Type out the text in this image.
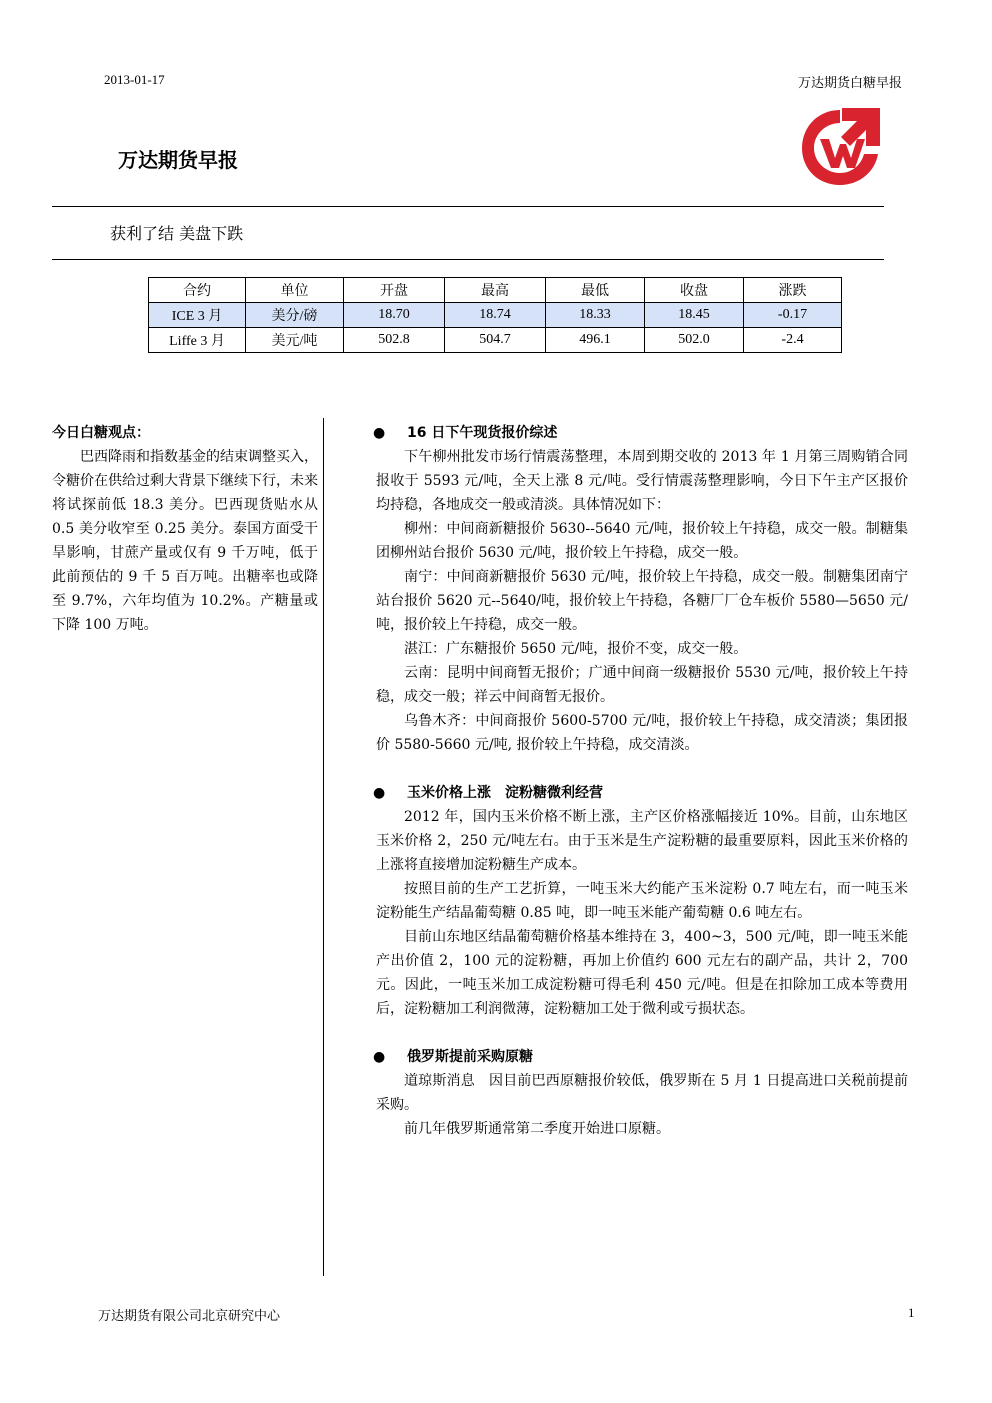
2013-01-17	万达期货白糖早报
万达期货早报
获利了结 美盘下跌
合约	单位	开盘	最高	最低	收盘	涨跌
ICE 3 月	美分/磅	18.70	18.74	18.33	18.45	-0.17
Liffe 3 月	美元/吨	502.8	504.7	496.1	502.0	-2.4
今日白糖观点：

巴西降雨和指数基金的结束调整买入，令糖价在供给过剩大背景下继续下行，未来将试探前低 18.3 美分。巴西现货贴水从 0.5 美分收窄至 0.25 美分。泰国方面受干旱影响，甘蔗产量或仅有 9 千万吨，低于此前预估的 9 千 5 百万吨。出糖率也或降至 9.7%，六年均值为 10.2%。产糖量或下降 100 万吨。

● 16 日下午现货报价综述

下午柳州批发市场行情震荡整理，本周到期交收的 2013 年 1 月第三周购销合同报收于 5593 元/吨，全天上涨 8 元/吨。受行情震荡整理影响，今日下午主产区报价均持稳，各地成交一般或清淡。具体情况如下：

柳州：中间商新糖报价 5630--5640 元/吨，报价较上午持稳，成交一般。制糖集团柳州站台报价 5630 元/吨，报价较上午持稳，成交一般。

南宁：中间商新糖报价 5630 元/吨，报价较上午持稳，成交一般。制糖集团南宁站台报价 5620 元--5640/吨，报价较上午持稳，各糖厂厂仓车板价 5580—5650 元/吨，报价较上午持稳，成交一般。

湛江：广东糖报价 5650 元/吨，报价不变，成交一般。

云南：昆明中间商暂无报价；广通中间商一级糖报价 5530 元/吨，报价较上午持稳，成交一般；祥云中间商暂无报价。

乌鲁木齐：中间商报价 5600-5700 元/吨，报价较上午持稳，成交清淡；集团报价 5580-5660 元/吨, 报价较上午持稳，成交清淡。

● 玉米价格上涨　淀粉糖微利经营

2012 年，国内玉米价格不断上涨，主产区价格涨幅接近 10%。目前，山东地区玉米价格 2，250 元/吨左右。由于玉米是生产淀粉糖的最重要原料，因此玉米价格的上涨将直接增加淀粉糖生产成本。

按照目前的生产工艺折算，一吨玉米大约能产玉米淀粉 0.7 吨左右，而一吨玉米淀粉能生产结晶葡萄糖 0.85 吨，即一吨玉米能产葡萄糖 0.6 吨左右。

目前山东地区结晶葡萄糖价格基本维持在 3，400~3，500 元/吨，即一吨玉米能产出价值 2，100 元的淀粉糖，再加上价值约 600 元左右的副产品，共计 2，700 元。因此，一吨玉米加工成淀粉糖可得毛利 450 元/吨。但是在扣除加工成本等费用后，淀粉糖加工利润微薄，淀粉糖加工处于微利或亏损状态。

● 俄罗斯提前采购原糖

道琼斯消息　因目前巴西原糖报价较低，俄罗斯在 5 月 1 日提高进口关税前提前采购。

前几年俄罗斯通常第二季度开始进口原糖。

万达期货有限公司北京研究中心	1
